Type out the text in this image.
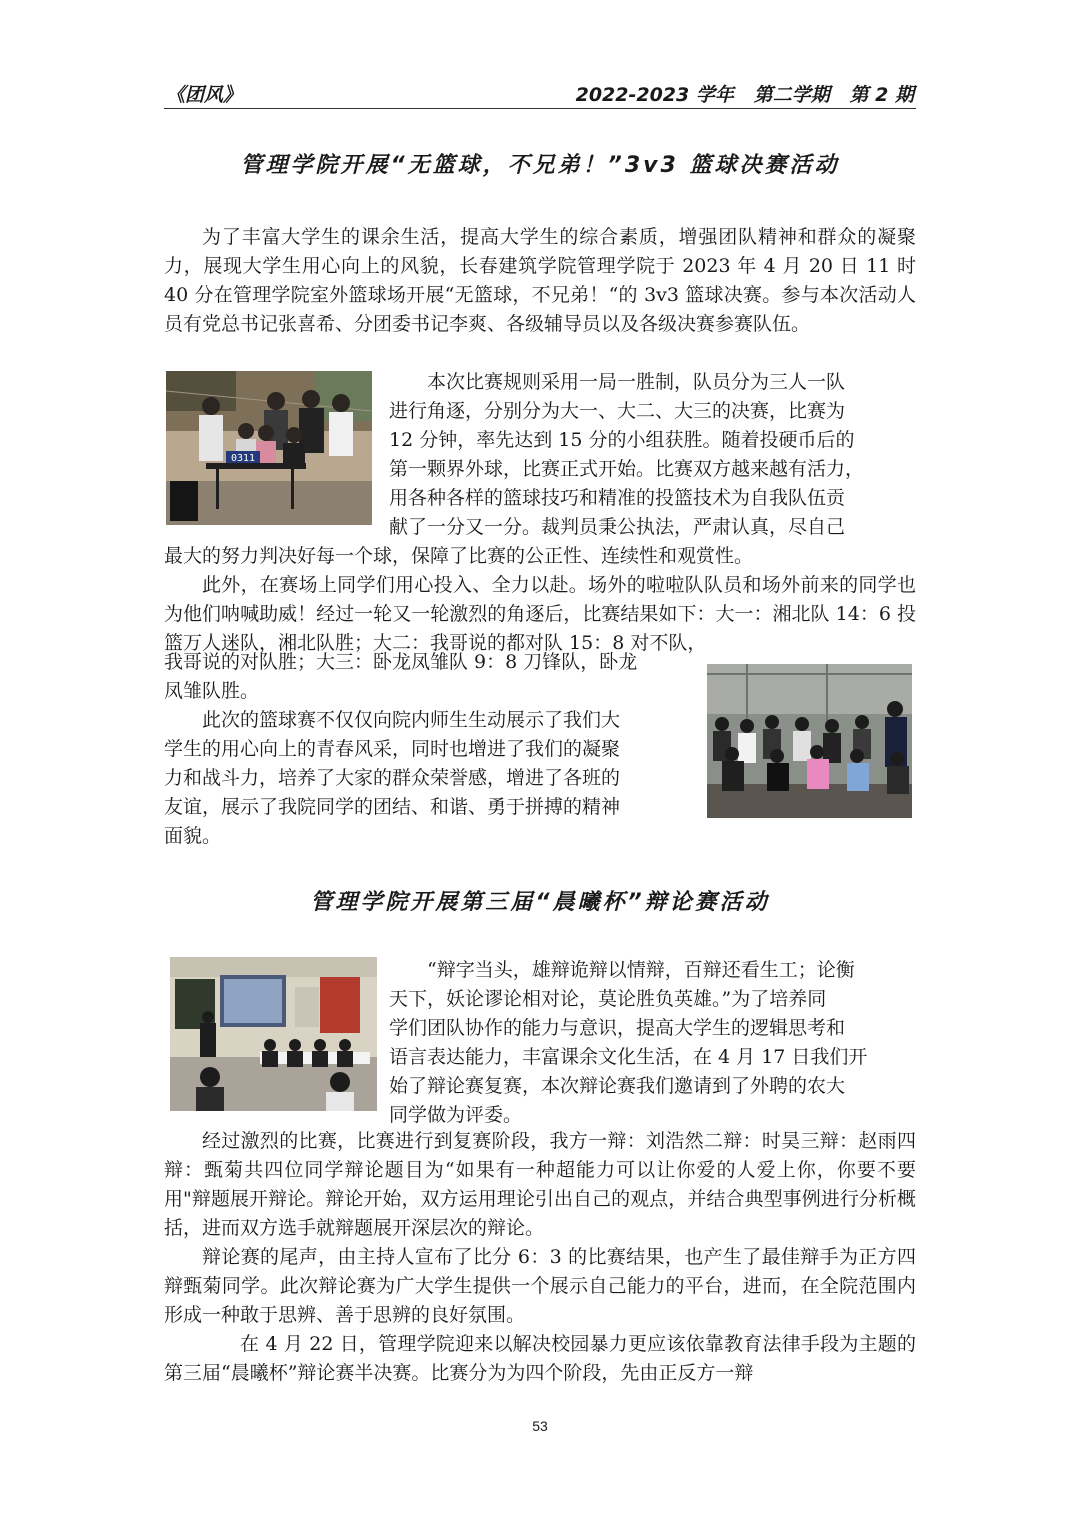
《团风》	2022-2023 学年   第二学期   第 2 期
管理学院开展“无篮球，不兄弟！”3v3 篮球决赛活动

为了丰富大学生的课余生活，提高大学生的综合素质，增强团队精神和群众的凝聚力，展现大学生用心向上的风貌，长春建筑学院管理学院于 2023 年 4 月 20 日 11 时 40 分在管理学院室外篮球场开展“无篮球，不兄弟！“的 3v3 篮球决赛。参与本次活动人员有党总书记张喜希、分团委书记李爽、各级辅导员以及各级决赛参赛队伍。

0311

本次比赛规则采用一局一胜制，队员分为三人一队

进行角逐，分别分为大一、大二、大三的决赛，比赛为

12 分钟，率先达到 15 分的小组获胜。随着投硬币后的

第一颗界外球，比赛正式开始。比赛双方越来越有活力，

用各种各样的篮球技巧和精准的投篮技术为自我队伍贡

献了一分又一分。裁判员秉公执法，严肃认真，尽自己

最大的努力判决好每一个球，保障了比赛的公正性、连续性和观赏性。

此外，在赛场上同学们用心投入、全力以赴。场外的啦啦队队员和场外前来的同学也为他们呐喊助威！经过一轮又一轮激烈的角逐后，比赛结果如下：大一：湘北队 14：6 投篮万人迷队，湘北队胜；大二：我哥说的都对队 15：8 对不队，

我哥说的对队胜；大三：卧龙凤雏队 9：8 刀锋队，卧龙

凤雏队胜。

此次的篮球赛不仅仅向院内师生生动展示了我们大

学生的用心向上的青春风采，同时也增进了我们的凝聚

力和战斗力，培养了大家的群众荣誉感，增进了各班的

友谊，展示了我院同学的团结、和谐、勇于拼搏的精神

面貌。

管理学院开展第三届“晨曦杯”辩论赛活动

“辩字当头，雄辩诡辩以情辩，百辩还看生工；论衡

天下，妖论谬论相对论，莫论胜负英雄。”为了培养同

学们团队协作的能力与意识，提高大学生的逻辑思考和

语言表达能力，丰富课余文化生活，在 4 月 17 日我们开

始了辩论赛复赛，本次辩论赛我们邀请到了外聘的农大

同学做为评委。

经过激烈的比赛，比赛进行到复赛阶段，我方一辩：刘浩然二辩：时昊三辩：赵雨四辩：甄菊共四位同学辩论题目为“如果有一种超能力可以让你爱的人爱上你，你要不要用"辩题展开辩论。辩论开始，双方运用理论引出自己的观点，并结合典型事例进行分析概括，进而双方选手就辩题展开深层次的辩论。

辩论赛的尾声，由主持人宣布了比分 6：3 的比赛结果，也产生了最佳辩手为正方四辩甄菊同学。此次辩论赛为广大学生提供一个展示自己能力的平台，进而，在全院范围内形成一种敢于思辨、善于思辨的良好氛围。

在 4 月 22 日，管理学院迎来以解决校园暴力更应该依靠教育法律手段为主题的第三届“晨曦杯”辩论赛半决赛。比赛分为为四个阶段，先由正反方一辩

53
